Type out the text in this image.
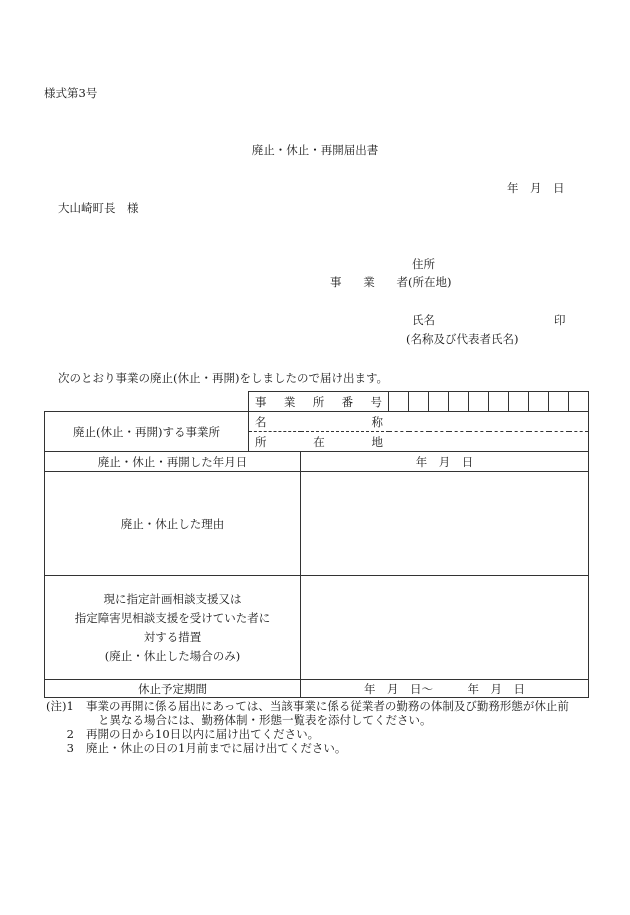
様式第3号
廃止・休止・再開届出書
年　月　日
大山崎町長　様
住所
事 業 者 (所在地)
氏名	印
(名称及び代表者氏名)
次のとおり事業の廃止(休止・再開)をしましたので届け出ます。

	事 業 所 番 号											

廃止(休止・再開)する事業所	名 称											

	所 在 地											

廃止・休止・再開した年月日		年　月　日										
廃止・休止した理由												

現に指定計画相談支援又は
指定障害児相談支援を受けていた者に
対する措置
(廃止・休止した場合のみ)												

休止予定期間		年　月　日～　　　年　月　日										
(注)1	事業の再開に係る届出にあっては、当該事業に係る従業者の勤務の体制及び勤務形態が休止前
と異なる場合には、勤務体制・形態一覧表を添付してください。
2	再開の日から10日以内に届け出てください。
3	廃止・休止の日の1月前までに届け出てください。
